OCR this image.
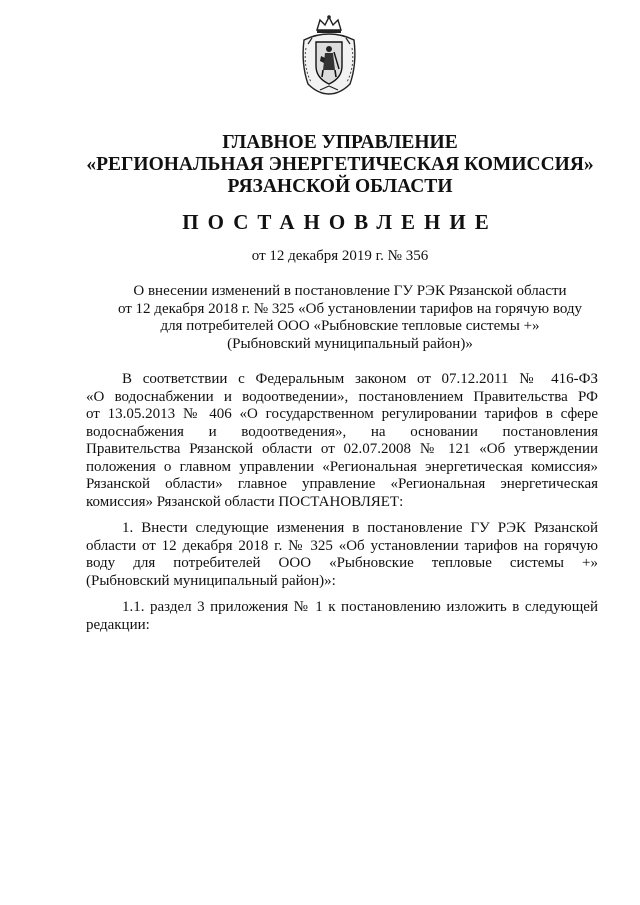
ГЛАВНОЕ УПРАВЛЕНИЕ
«РЕГИОНАЛЬНАЯ ЭНЕРГЕТИЧЕСКАЯ КОМИССИЯ»
РЯЗАНСКОЙ ОБЛАСТИ
ПОСТАНОВЛЕНИЕ
от 12 декабря 2019 г. № 356
О внесении изменений в постановление ГУ РЭК Рязанской области
от 12 декабря 2018 г. № 325 «Об установлении тарифов на горячую воду
для потребителей ООО «Рыбновские тепловые системы +»
(Рыбновский муниципальный район)»
В соответствии с Федеральным законом от 07.12.2011 № 416-ФЗ
«О водоснабжении и водоотведении», постановлением Правительства РФ
от 13.05.2013 № 406 «О государственном регулировании тарифов в сфере
водоснабжения и водоотведения», на основании постановления
Правительства Рязанской области от 02.07.2008 № 121 «Об утверждении
положения о главном управлении «Региональная энергетическая комиссия»
Рязанской области» главное управление «Региональная энергетическая
комиссия» Рязанской области ПОСТАНОВЛЯЕТ:
1. Внести следующие изменения в постановление ГУ РЭК Рязанской
области от 12 декабря 2018 г. № 325 «Об установлении тарифов на горячую
воду для потребителей ООО «Рыбновские тепловые системы +»
(Рыбновский муниципальный район)»:
1.1. раздел 3 приложения № 1 к постановлению изложить в следующей
редакции:
